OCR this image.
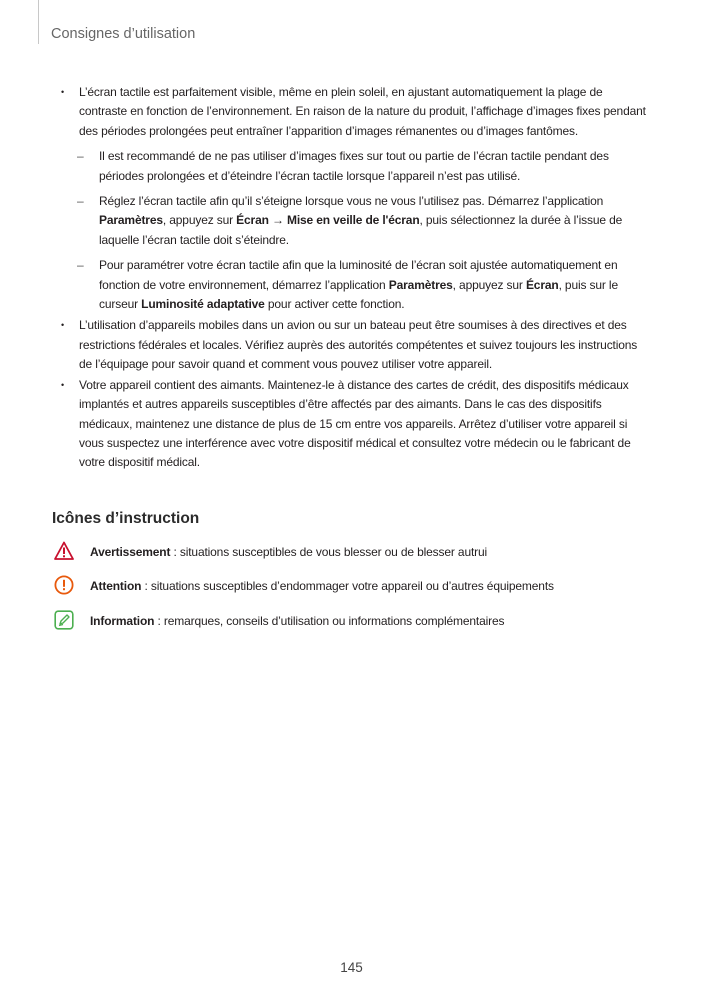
Consignes d’utilisation
• L’écran tactile est parfaitement visible, même en plein soleil, en ajustant automatiquement la plage de contraste en fonction de l’environnement. En raison de la nature du produit, l’affichage d’images fixes pendant des périodes prolongées peut entraîner l’apparition d’images rémanentes ou d’images fantômes.
– Il est recommandé de ne pas utiliser d’images fixes sur tout ou partie de l’écran tactile pendant des périodes prolongées et d’éteindre l’écran tactile lorsque l’appareil n’est pas utilisé.
– Réglez l’écran tactile afin qu’il s’éteigne lorsque vous ne vous l’utilisez pas. Démarrez l’application Paramètres, appuyez sur Écran → Mise en veille de l'écran, puis sélectionnez la durée à l’issue de laquelle l’écran tactile doit s’éteindre.
– Pour paramétrer votre écran tactile afin que la luminosité de l’écran soit ajustée automatiquement en fonction de votre environnement, démarrez l’application Paramètres, appuyez sur Écran, puis sur le curseur Luminosité adaptative pour activer cette fonction.
• L’utilisation d’appareils mobiles dans un avion ou sur un bateau peut être soumises à des directives et des restrictions fédérales et locales. Vérifiez auprès des autorités compétentes et suivez toujours les instructions de l’équipage pour savoir quand et comment vous pouvez utiliser votre appareil.
• Votre appareil contient des aimants. Maintenez-le à distance des cartes de crédit, des dispositifs médicaux implantés et autres appareils susceptibles d’être affectés par des aimants. Dans le cas des dispositifs médicaux, maintenez une distance de plus de 15 cm entre vos appareils. Arrêtez d’utiliser votre appareil si vous suspectez une interférence avec votre dispositif médical et consultez votre médecin ou le fabricant de votre dispositif médical.
Icônes d’instruction
Avertissement : situations susceptibles de vous blesser ou de blesser autrui
Attention : situations susceptibles d’endommager votre appareil ou d’autres équipements
Information : remarques, conseils d’utilisation ou informations complémentaires
145
